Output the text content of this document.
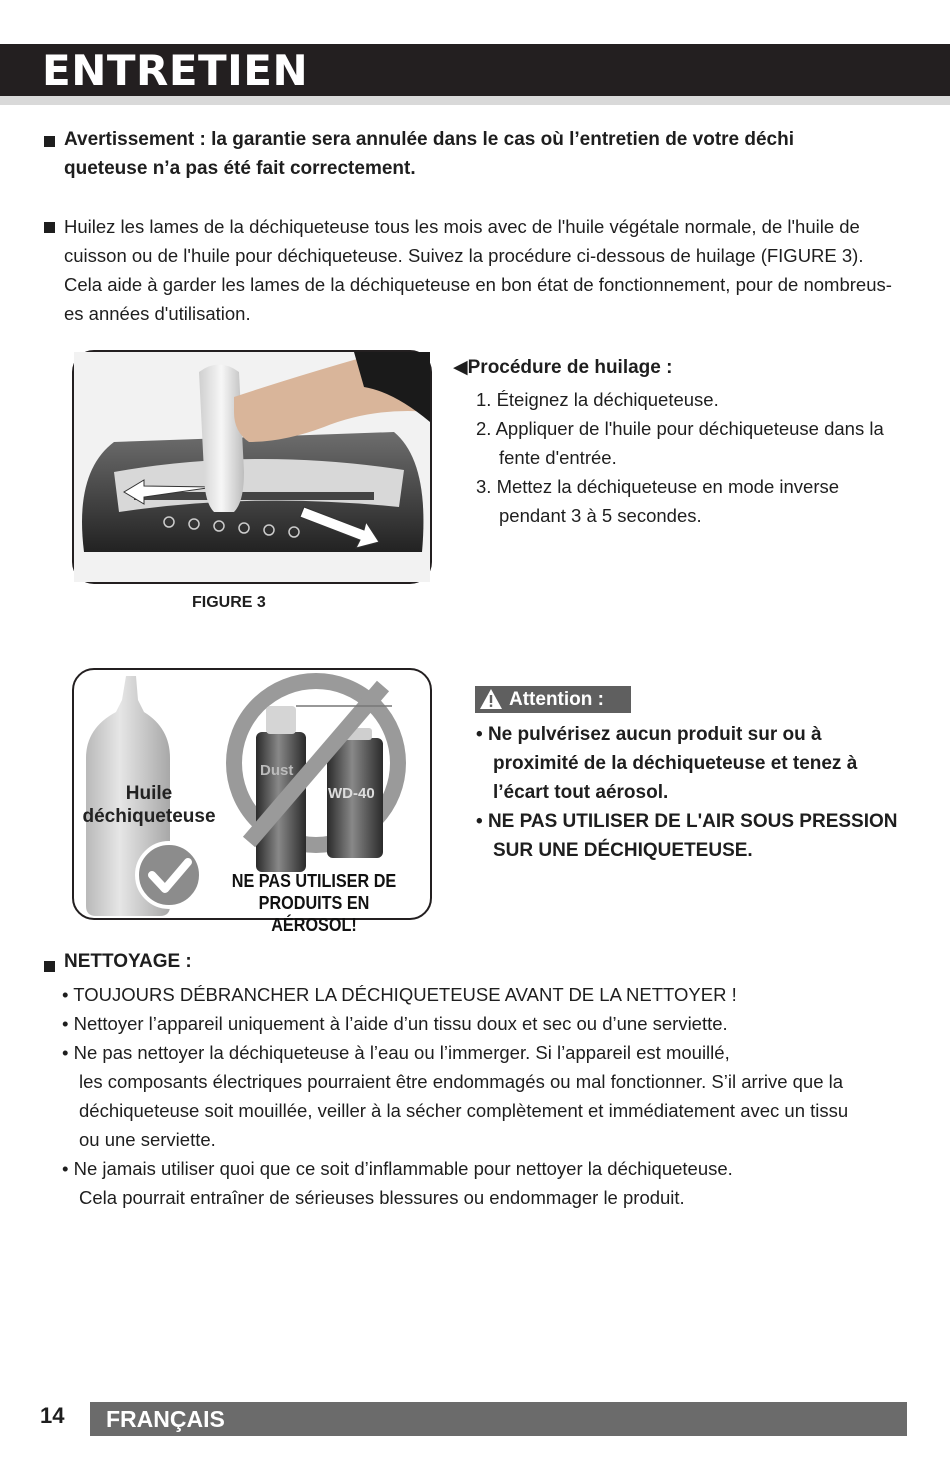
ENTRETIEN
Avertissement : la garantie sera annulée dans le cas où l’entretien de votre déchi
queteuse n’a pas été fait correctement.
Huilez les lames de la déchiqueteuse tous les mois avec de l'huile végétale normale, de l'huile de
cuisson ou de l'huile pour déchiqueteuse. Suivez la procédure ci-dessous de huilage (FIGURE 3).
Cela aide à garder les lames de la déchiqueteuse en bon état de fonctionnement, pour de nombreus-
es années d'utilisation.
FIGURE 3
◀Procédure de huilage :
1. Éteignez la déchiqueteuse.
2. Appliquer de l'huile pour déchiqueteuse dans la
fente d'entrée.
3. Mettez la déchiqueteuse en mode inverse
pendant 3 à 5 secondes.
Dust
WD-40
Huile
déchiqueteuse
NE PAS UTILISER DE
PRODUITS EN AÉROSOL!
Attention :
• Ne pulvérisez aucun produit sur ou à
proximité de la déchiqueteuse et tenez à
l’écart tout aérosol.
• NE PAS UTILISER DE L'AIR SOUS PRESSION
SUR UNE DÉCHIQUETEUSE.
NETTOYAGE :
• TOUJOURS DÉBRANCHER LA DÉCHIQUETEUSE AVANT DE LA NETTOYER !
• Nettoyer l’appareil uniquement à l’aide d’un tissu doux et sec ou d’une serviette.
• Ne pas nettoyer la déchiqueteuse à l’eau ou l’immerger. Si l’appareil est mouillé,
les composants électriques pourraient être endommagés ou mal fonctionner. S’il arrive que la
déchiqueteuse soit mouillée, veiller à la sécher complètement et immédiatement avec un tissu
ou une serviette.
• Ne jamais utiliser quoi que ce soit d’inflammable pour nettoyer la déchiqueteuse.
Cela pourrait entraîner de sérieuses blessures ou endommager le produit.
14 FRANÇAIS
